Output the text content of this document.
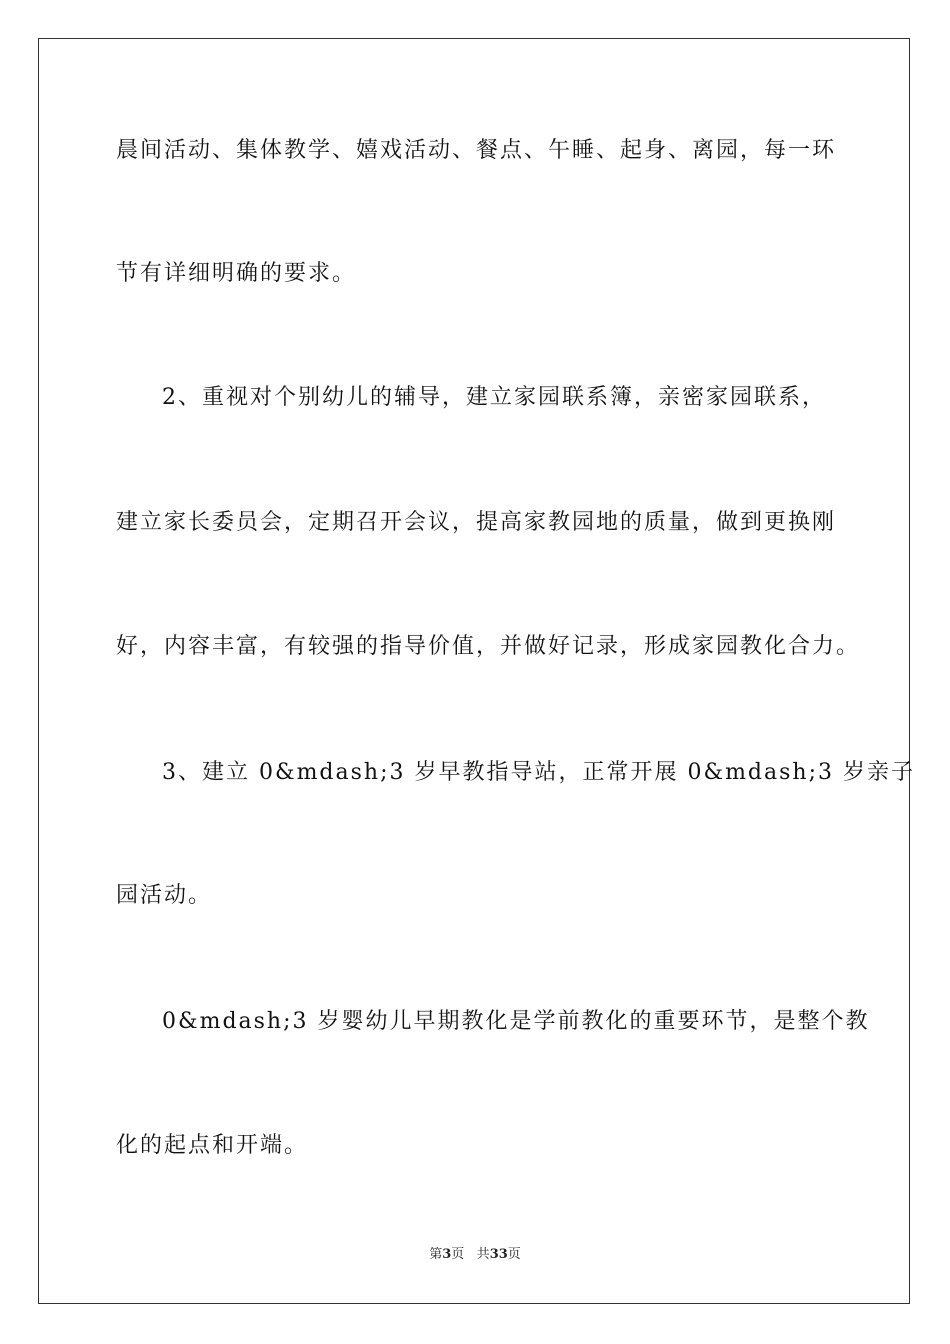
晨间活动、集体教学、嬉戏活动、餐点、午睡、起身、离园，每一环
节有详细明确的要求。
2、重视对个别幼儿的辅导，建立家园联系簿，亲密家园联系，
建立家长委员会，定期召开会议，提高家教园地的质量，做到更换刚
好，内容丰富，有较强的指导价值，并做好记录，形成家园教化合力。
3、建立 0&mdash;3 岁早教指导站，正常开展 0&mdash;3 岁亲子
园活动。
0&mdash;3 岁婴幼儿早期教化是学前教化的重要环节，是整个教
化的起点和开端。
第3页 共33页
